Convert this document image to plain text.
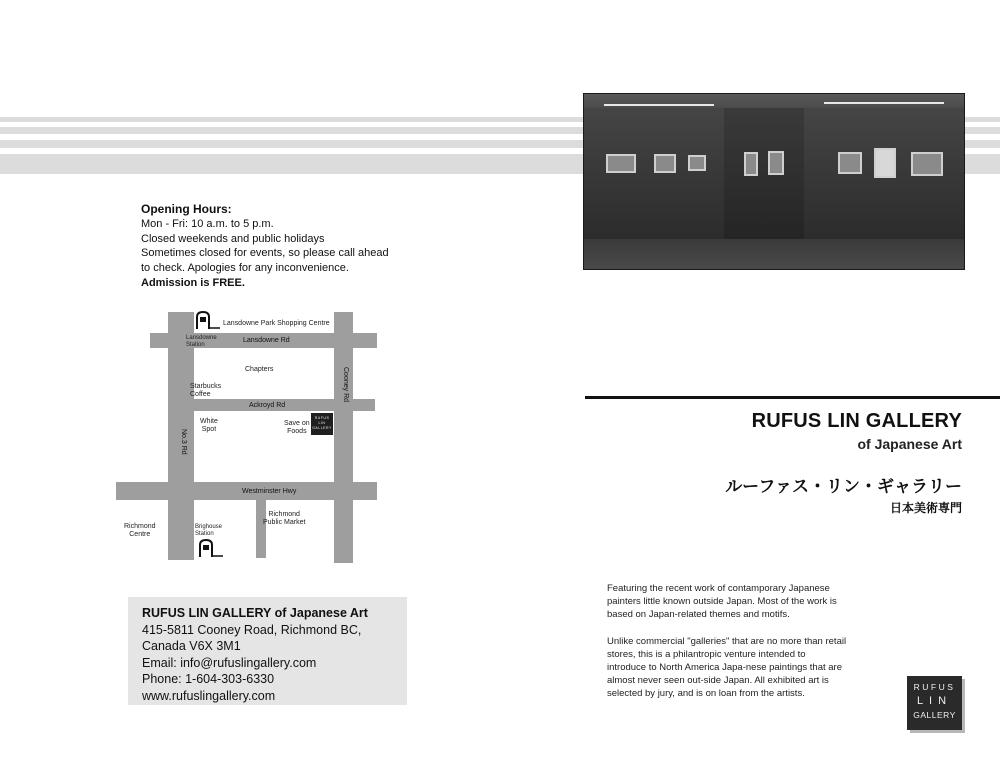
Opening Hours:
Mon - Fri: 10 a.m. to 5 p.m.
Closed weekends and public holidays
Sometimes closed for events, so please call ahead
to check. Apologies for any inconvenience.
Admission is FREE.
RUFUS
LIN
GALLERY
Lansdowne Park Shopping Centre
Lansdowne
Station
Lansdowne Rd
Chapters
Starbucks
Coffee
Ackroyd Rd
Cooney Rd
No.3 Rd
White
Spot
Save on
Foods
Westminster Hwy
Richmond
Centre
Brighouse
Station
Richmond
Public Market
RUFUS LIN GALLERY of Japanese Art
415-5811 Cooney Road, Richmond BC,
Canada V6X 3M1
Email: info@rufuslingallery.com
Phone: 1-604-303-6330
www.rufuslingallery.com
RUFUS LIN GALLERY
of Japanese Art
ルーファス・リン・ギャラリー
日本美術専門

Featuring the recent work of contamporary Japanese painters little known outside Japan. Most of the work is based on Japan-related themes and motifs.

Unlike commercial "galleries" that are no more than retail stores, this is a philantropic venture intended to introduce to North America Japa-nese paintings that are almost never seen out-side Japan. All exhibited art is selected by jury, and is on loan from the artists.

RUFUS
LIN
GALLERY
